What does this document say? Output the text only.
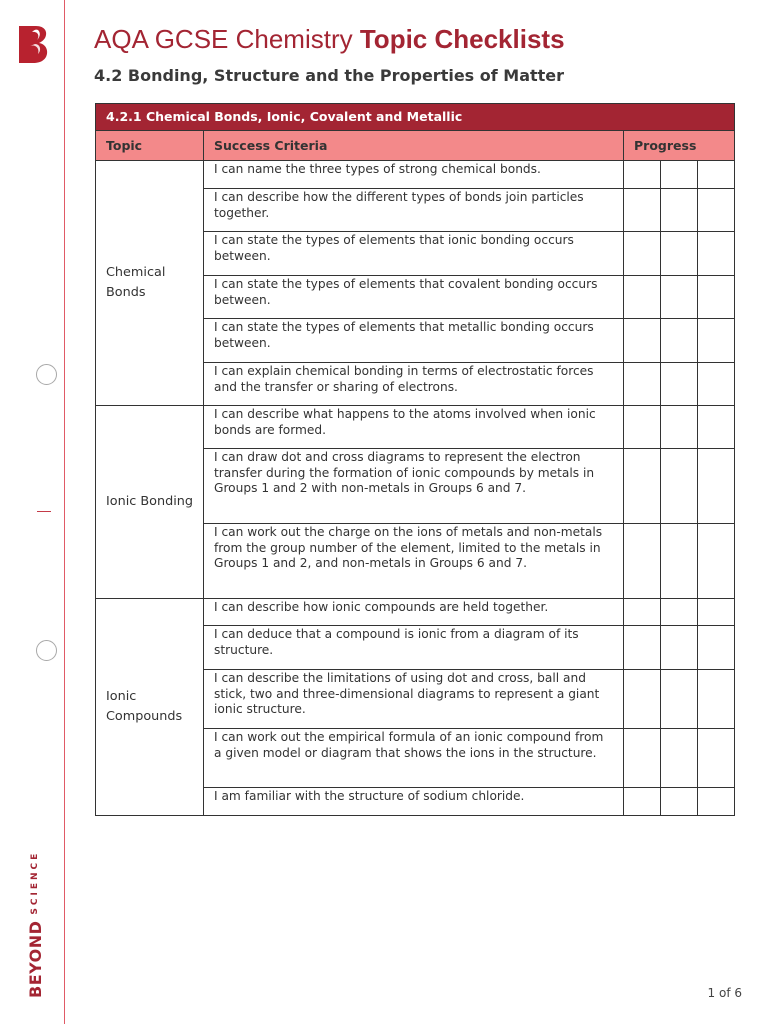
BEYOND
SCIENCE
AQA GCSE Chemistry Topic Checklists
4.2 Bonding, Structure and the Properties of Matter
4.2.1 Chemical Bonds, Ionic, Covalent and Metallic				
Topic	Success Criteria	Progress		
Chemical Bonds	I can name the three types of strong chemical bonds.			
	I can describe how the different types of bonds join particles together.			
	I can state the types of elements that ionic bonding occurs between.			
	I can state the types of elements that covalent bonding occurs between.			
	I can state the types of elements that metallic bonding occurs between.			
	I can explain chemical bonding in terms of electrostatic forces and the transfer or sharing of electrons.			
Ionic Bonding	I can describe what happens to the atoms involved when ionic bonds are formed.			
	I can draw dot and cross diagrams to represent the electron transfer during the formation of ionic compounds by metals in Groups 1 and 2 with non-metals in Groups 6 and 7.			
	I can work out the charge on the ions of metals and non-metals from the group number of the element, limited to the metals in Groups 1 and 2, and non-metals in Groups 6 and 7.			
Ionic Compounds	I can describe how ionic compounds are held together.			
	I can deduce that a compound is ionic from a diagram of its structure.			
	I can describe the limitations of using dot and cross, ball and stick, two and three-dimensional diagrams to represent a giant ionic structure.			
	I can work out the empirical formula of an ionic compound from a given model or diagram that shows the ions in the structure.			
	I am familiar with the structure of sodium chloride.			
1 of 6
